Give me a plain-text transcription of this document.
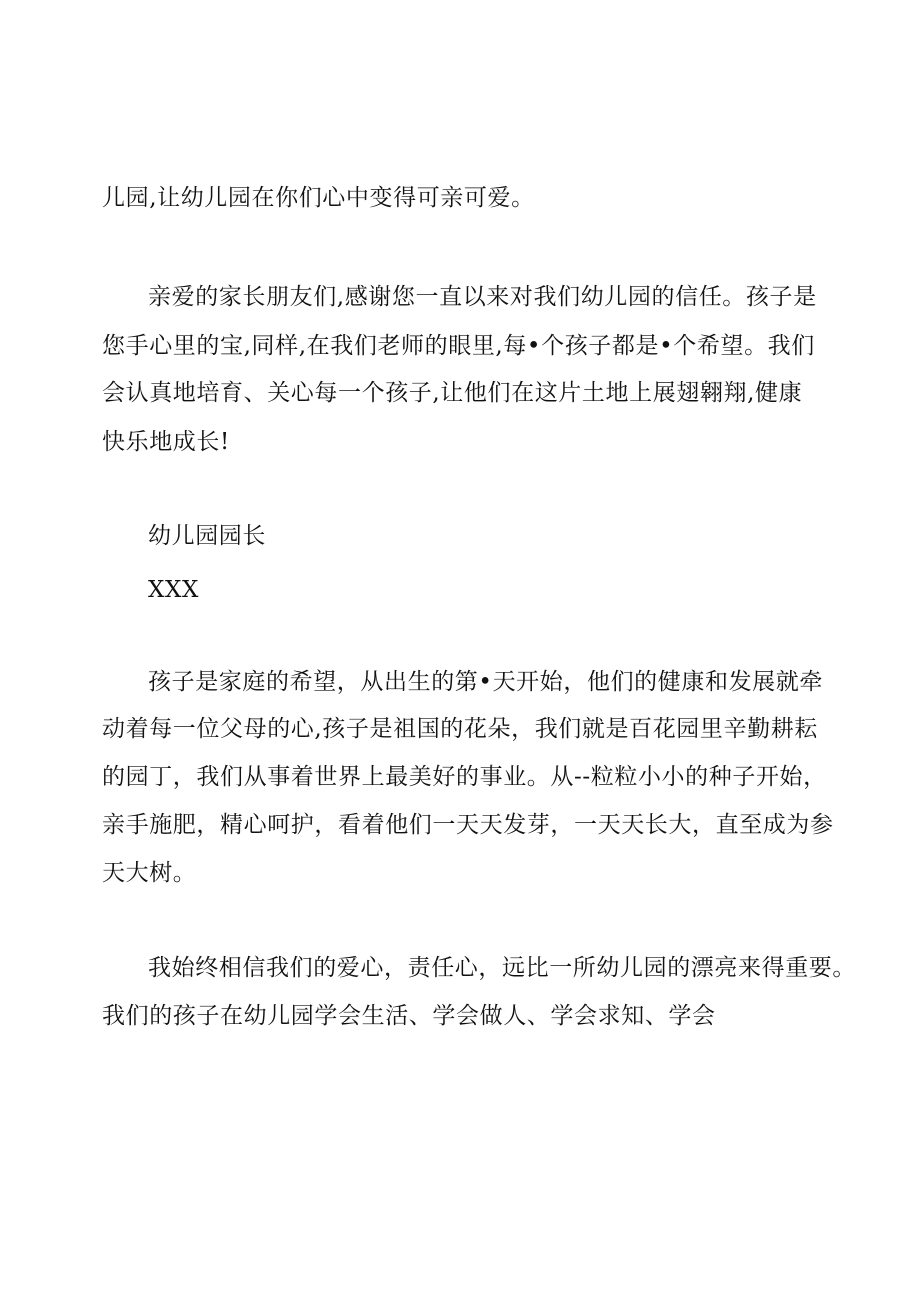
儿园,让幼儿园在你们心中变得可亲可爱。
亲爱的家长朋友们,感谢您一直以来对我们幼儿园的信任。孩子是
您手心里的宝,同样,在我们老师的眼里,每•个孩子都是•个希望。我们
会认真地培育、关心每一个孩子,让他们在这片土地上展翅翱翔,健康
快乐地成长!
幼儿园园长
XXX
孩子是家庭的希望，从出生的第•天开始，他们的健康和发展就牵
动着每一位父母的心,孩子是祖国的花朵，我们就是百花园里辛勤耕耘
的园丁，我们从事着世界上最美好的事业。从--粒粒小小的种子开始，
亲手施肥，精心呵护，看着他们一天天发芽，一天天长大，直至成为参
天大树。
我始终相信我们的爱心，责任心，远比一所幼儿园的漂亮来得重要。
我们的孩子在幼儿园学会生活、学会做人、学会求知、学会
